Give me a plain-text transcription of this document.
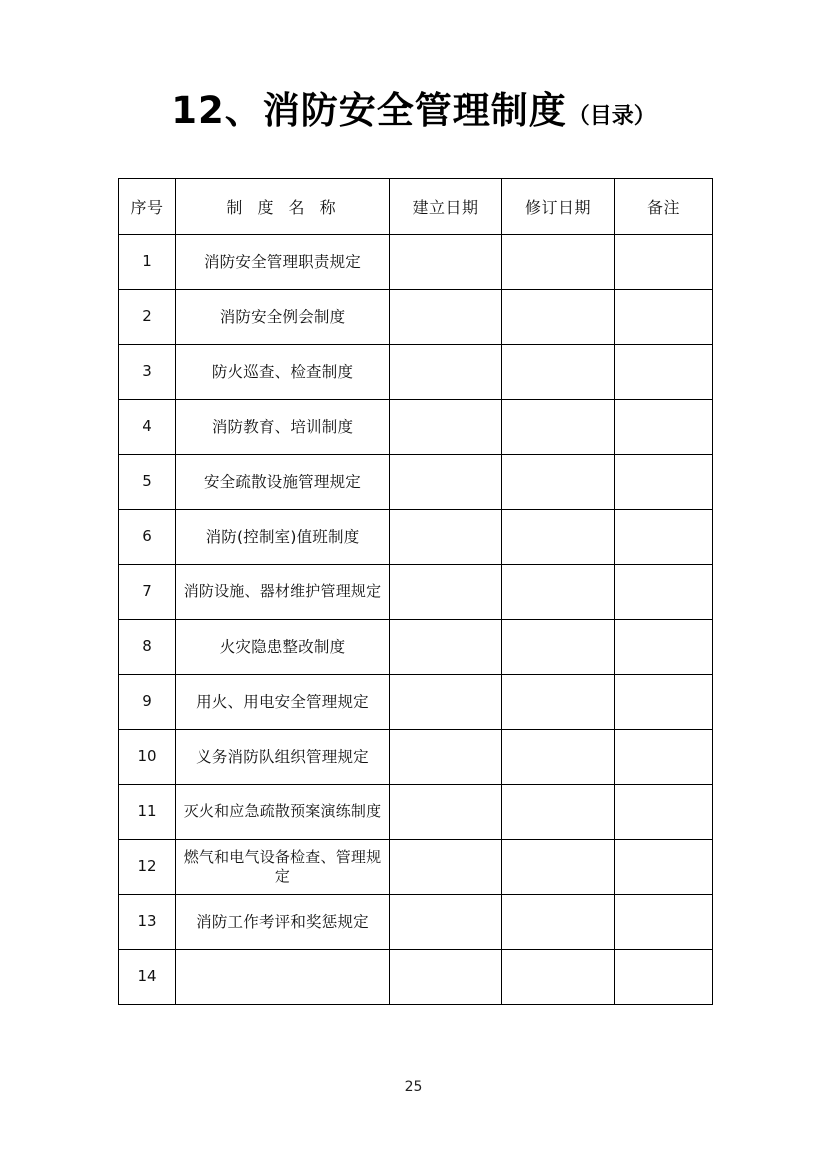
12、消防安全管理制度（目录）
序号	制 度 名 称	建立日期	修订日期	备注
1	消防安全管理职责规定			
2	消防安全例会制度			
3	防火巡查、检查制度			
4	消防教育、培训制度			
5	安全疏散设施管理规定			
6	消防(控制室)值班制度			
7	消防设施、器材维护管理规定			
8	火灾隐患整改制度			
9	用火、用电安全管理规定			
10	义务消防队组织管理规定			
11	灭火和应急疏散预案演练制度			
12	燃气和电气设备检查、管理规定			
13	消防工作考评和奖惩规定			
14				
25
